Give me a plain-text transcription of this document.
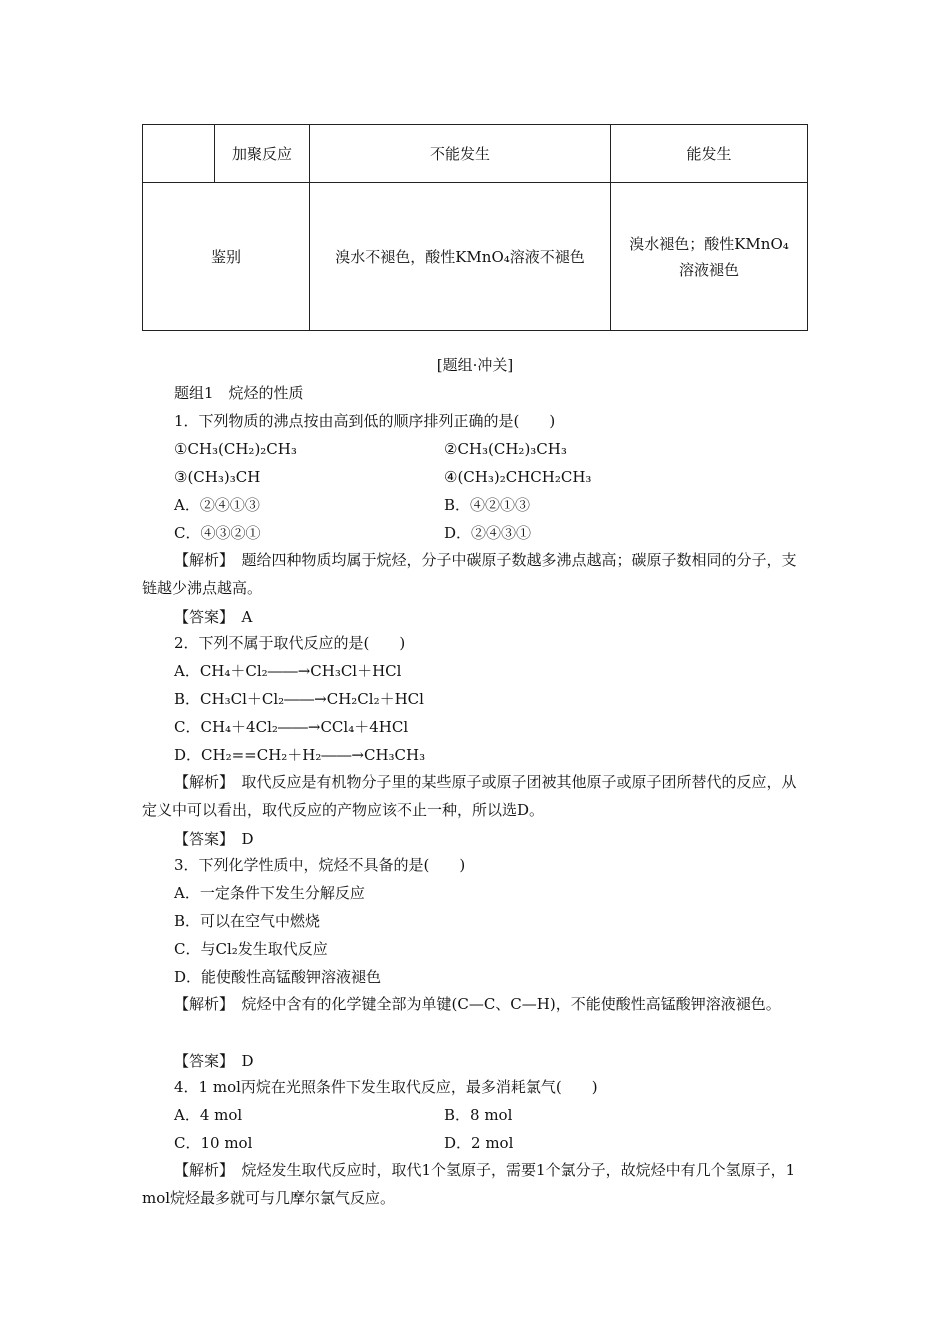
	加聚反应	不能发生	能发生
鉴别		溴水不褪色，酸性KMnO₄溶液不褪色	溴水褪色；酸性KMnO₄溶液褪色
[题组·冲关]
题组1　烷烃的性质
1．下列物质的沸点按由高到低的顺序排列正确的是(　　)
①CH₃(CH₂)₂CH₃	②CH₃(CH₂)₃CH₃
③(CH₃)₃CH	④(CH₃)₂CHCH₂CH₃
A．②④①③	B．④②①③
C．④③②①	D．②④③①
【解析】　题给四种物质均属于烷烃，分子中碳原子数越多沸点越高；碳原子数相同的分子，支链越少沸点越高。
【答案】　A
2．下列不属于取代反应的是(　　)
A．CH₄＋Cl₂――→CH₃Cl＋HCl
B．CH₃Cl＋Cl₂――→CH₂Cl₂＋HCl
C．CH₄＋4Cl₂――→CCl₄＋4HCl
D．CH₂==CH₂＋H₂――→CH₃CH₃
【解析】　取代反应是有机物分子里的某些原子或原子团被其他原子或原子团所替代的反应，从定义中可以看出，取代反应的产物应该不止一种，所以选D。
【答案】　D
3．下列化学性质中，烷烃不具备的是(　　)
A．一定条件下发生分解反应
B．可以在空气中燃烧
C．与Cl₂发生取代反应
D．能使酸性高锰酸钾溶液褪色
【解析】　烷烃中含有的化学键全部为单键(C—C、C—H)，不能使酸性高锰酸钾溶液褪色。
【答案】　D
4．1 mol丙烷在光照条件下发生取代反应，最多消耗氯气(　　)
A．4 mol	B．8 mol
C．10 mol	D．2 mol
【解析】　烷烃发生取代反应时，取代1个氢原子，需要1个氯分子，故烷烃中有几个氢原子，1 mol烷烃最多就可与几摩尔氯气反应。
